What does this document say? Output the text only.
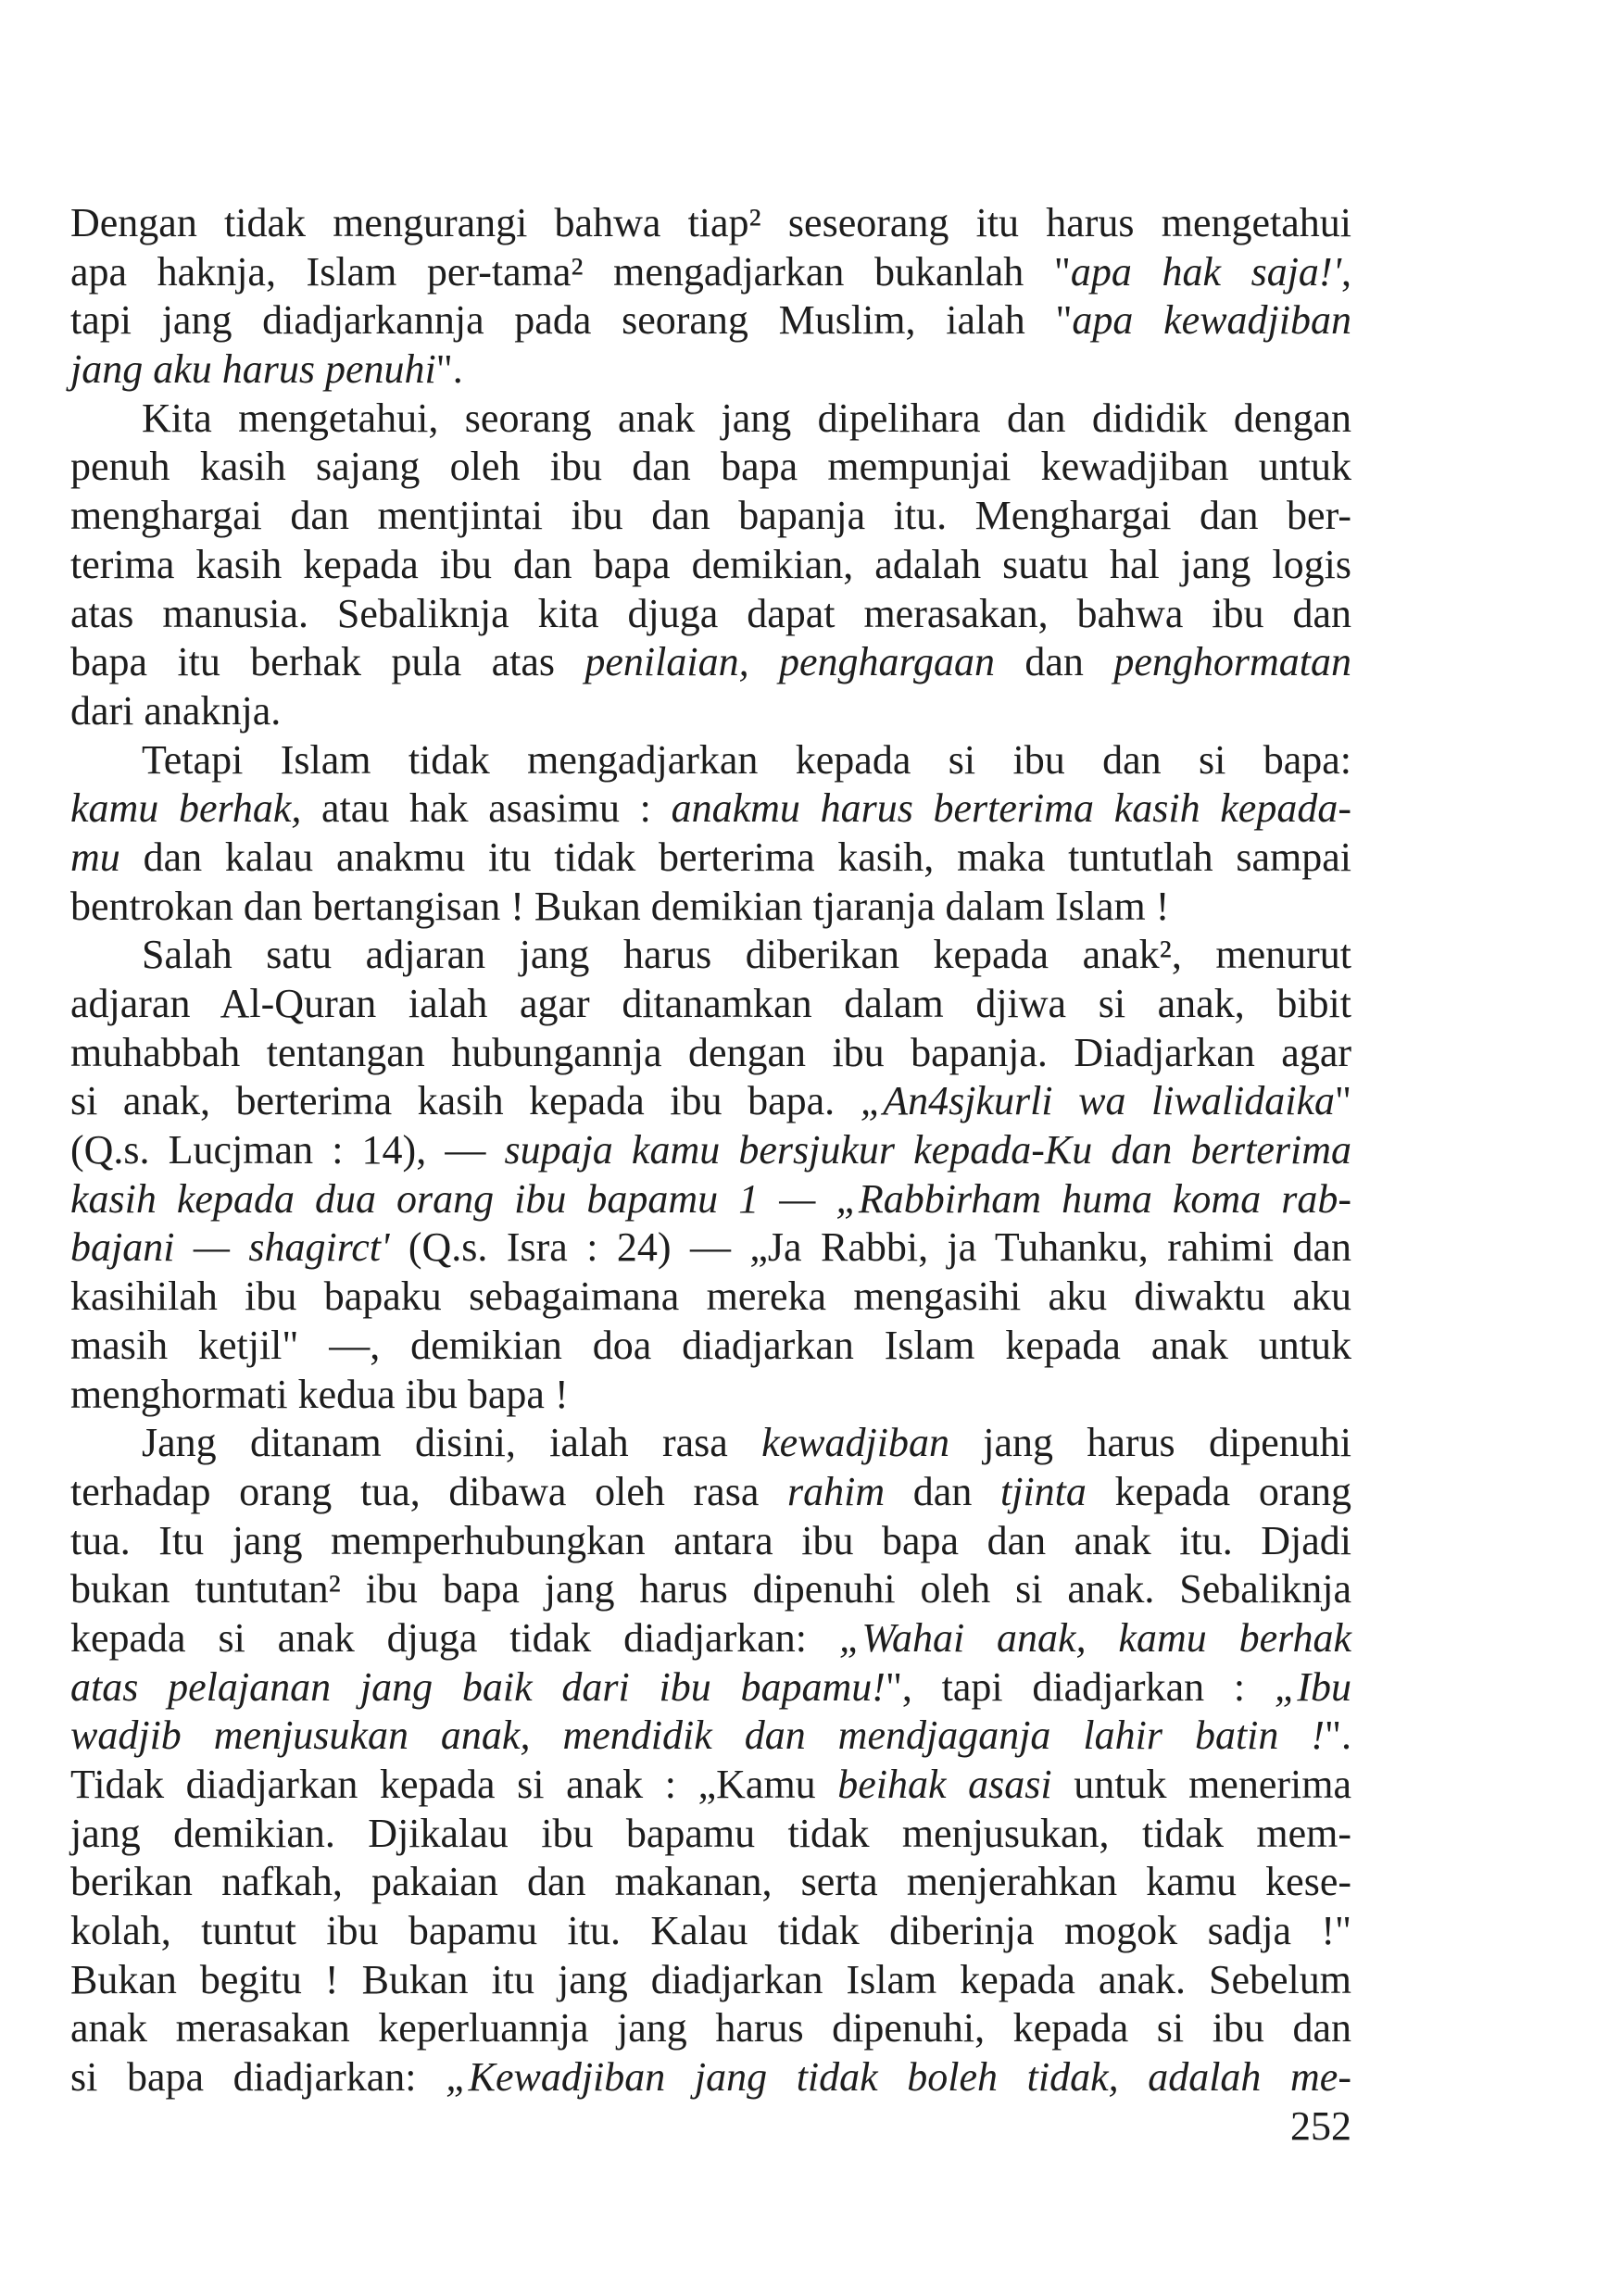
Dengan tidak mengurangi bahwa tiap² seseorang itu harus mengetahui
apa haknja, Islam per-tama² mengadjarkan bukanlah "apa hak saja!',
tapi jang diadjarkannja pada seorang Muslim, ialah "apa kewadjiban
jang aku harus penuhi".
Kita mengetahui, seorang anak jang dipelihara dan dididik dengan
penuh kasih sajang oleh ibu dan bapa mempunjai kewadjiban untuk
menghargai dan mentjintai ibu dan bapanja itu. Menghargai dan ber-
terima kasih kepada ibu dan bapa demikian, adalah suatu hal jang logis
atas manusia. Sebaliknja kita djuga dapat merasakan, bahwa ibu dan
bapa itu berhak pula atas penilaian, penghargaan dan penghormatan
dari anaknja.
Tetapi Islam tidak mengadjarkan kepada si ibu dan si bapa:
kamu berhak, atau hak asasimu : anakmu harus berterima kasih kepada-
mu dan kalau anakmu itu tidak berterima kasih, maka tuntutlah sampai
bentrokan dan bertangisan ! Bukan demikian tjaranja dalam Islam !
Salah satu adjaran jang harus diberikan kepada anak², menurut
adjaran Al-Quran ialah agar ditanamkan dalam djiwa si anak, bibit
muhabbah tentangan hubungannja dengan ibu bapanja. Diadjarkan agar
si anak, berterima kasih kepada ibu bapa. „An4sjkurli wa liwalidaika"
(Q.s. Lucjman : 14), — supaja kamu bersjukur kepada-Ku dan berterima
kasih kepada dua orang ibu bapamu 1 — „Rabbirham huma koma rab-
bajani — shagirct' (Q.s. Isra : 24) — „Ja Rabbi, ja Tuhanku, rahimi dan
kasihilah ibu bapaku sebagaimana mereka mengasihi aku diwaktu aku
masih ketjil" —, demikian doa diadjarkan Islam kepada anak untuk
menghormati kedua ibu bapa !
Jang ditanam disini, ialah rasa kewadjiban jang harus dipenuhi
terhadap orang tua, dibawa oleh rasa rahim dan tjinta kepada orang
tua. Itu jang memperhubungkan antara ibu bapa dan anak itu. Djadi
bukan tuntutan² ibu bapa jang harus dipenuhi oleh si anak. Sebaliknja
kepada si anak djuga tidak diadjarkan: „Wahai anak, kamu berhak
atas pelajanan jang baik dari ibu bapamu!", tapi diadjarkan : „Ibu
wadjib menjusukan anak, mendidik dan mendjaganja lahir batin !".
Tidak diadjarkan kepada si anak : „Kamu beihak asasi untuk menerima
jang demikian. Djikalau ibu bapamu tidak menjusukan, tidak mem-
berikan nafkah, pakaian dan makanan, serta menjerahkan kamu kese-
kolah, tuntut ibu bapamu itu. Kalau tidak diberinja mogok sadja !"
Bukan begitu ! Bukan itu jang diadjarkan Islam kepada anak. Sebelum
anak merasakan keperluannja jang harus dipenuhi, kepada si ibu dan
si bapa diadjarkan: „Kewadjiban jang tidak boleh tidak, adalah me-
252
